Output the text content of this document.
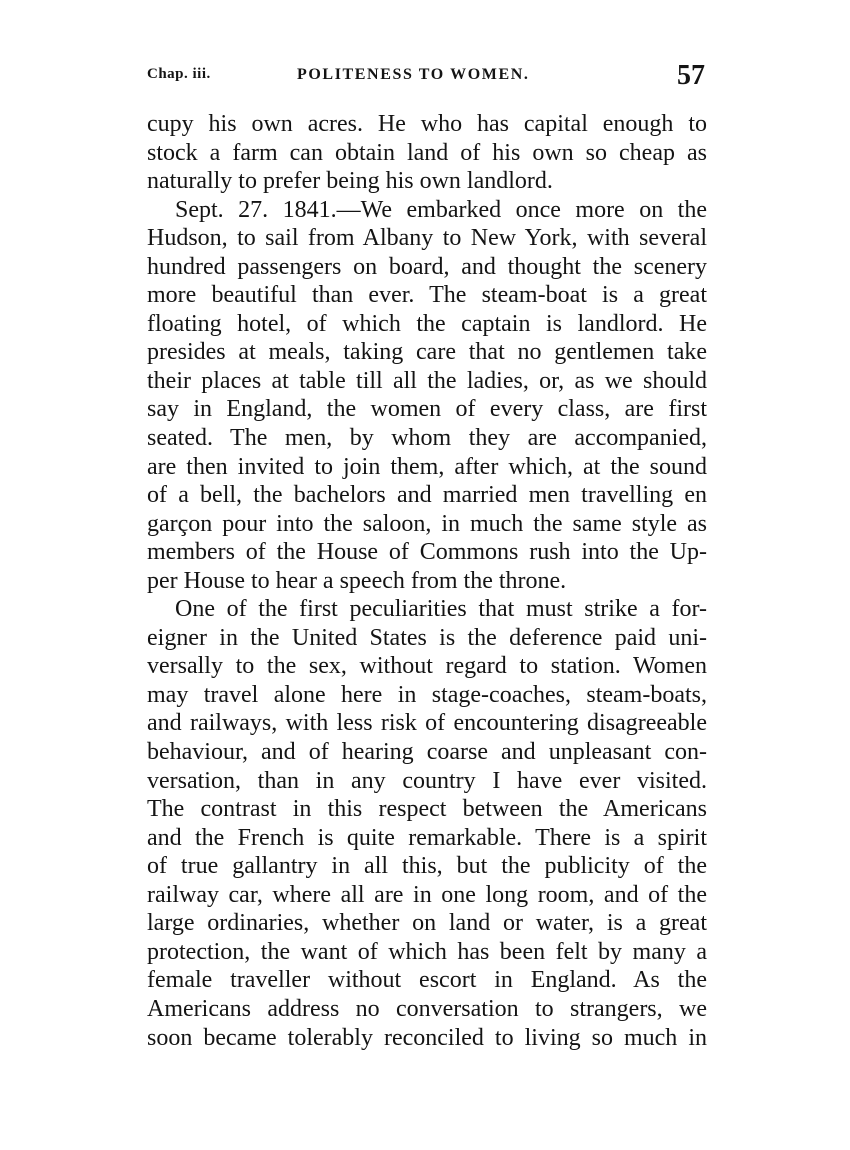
Chap. iii.	POLITENESS TO WOMEN.	57
cupy his own acres. He who has capital enough to
stock a farm can obtain land of his own so cheap as
naturally to prefer being his own landlord.
Sept. 27. 1841.—We embarked once more on the
Hudson, to sail from Albany to New York, with several
hundred passengers on board, and thought the scenery
more beautiful than ever. The steam-boat is a great
floating hotel, of which the captain is landlord. He
presides at meals, taking care that no gentlemen take
their places at table till all the ladies, or, as we should
say in England, the women of every class, are first
seated. The men, by whom they are accompanied,
are then invited to join them, after which, at the sound
of a bell, the bachelors and married men travelling en
garçon pour into the saloon, in much the same style as
members of the House of Commons rush into the Up-
per House to hear a speech from the throne.
One of the first peculiarities that must strike a for-
eigner in the United States is the deference paid uni-
versally to the sex, without regard to station. Women
may travel alone here in stage-coaches, steam-boats,
and railways, with less risk of encountering disagreeable
behaviour, and of hearing coarse and unpleasant con-
versation, than in any country I have ever visited.
The contrast in this respect between the Americans
and the French is quite remarkable. There is a spirit
of true gallantry in all this, but the publicity of the
railway car, where all are in one long room, and of the
large ordinaries, whether on land or water, is a great
protection, the want of which has been felt by many a
female traveller without escort in England. As the
Americans address no conversation to strangers, we
soon became tolerably reconciled to living so much in
